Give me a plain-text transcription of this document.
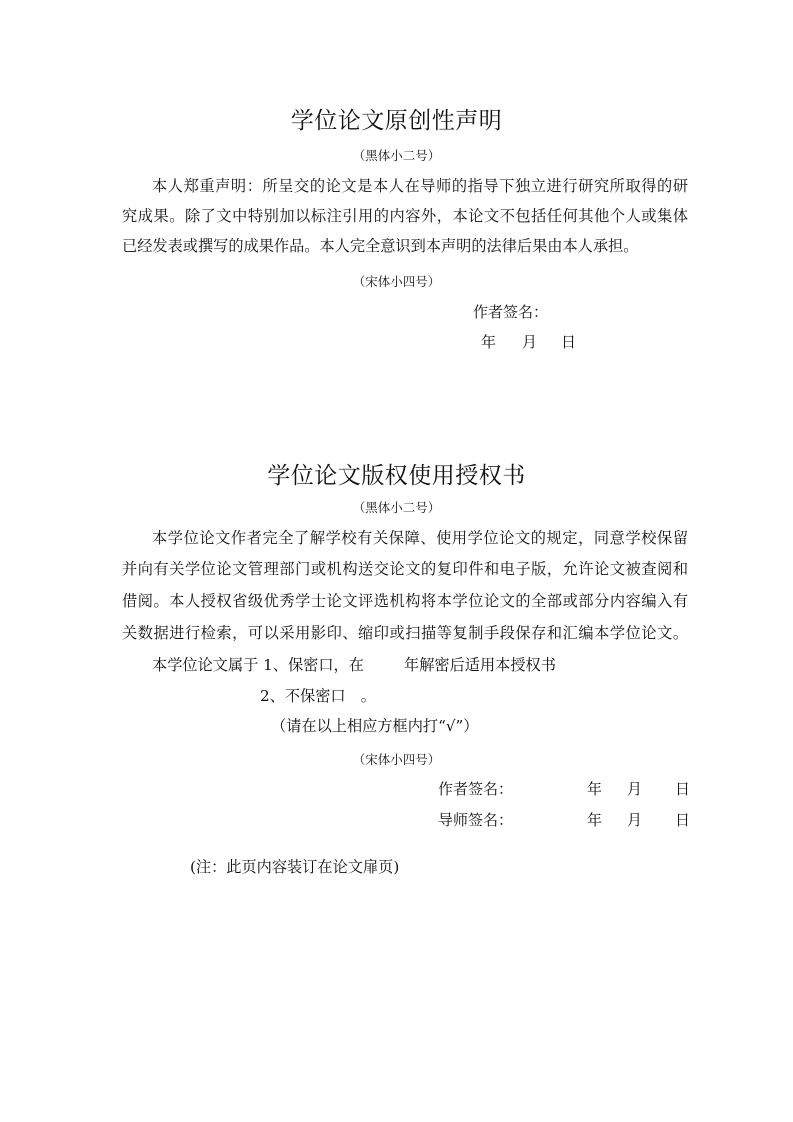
学位论文原创性声明
（黑体小二号）
本人郑重声明：所呈交的论文是本人在导师的指导下独立进行研究所取得的研
究成果。除了文中特别加以标注引用的内容外，本论文不包括任何其他个人或集体
已经发表或撰写的成果作品。本人完全意识到本声明的法律后果由本人承担。
（宋体小四号）
作者签名：
年 月 日
学位论文版权使用授权书
（黑体小二号）
本学位论文作者完全了解学校有关保障、使用学位论文的规定，同意学校保留
并向有关学位论文管理部门或机构送交论文的复印件和电子版，允许论文被查阅和
借阅。本人授权省级优秀学士论文评选机构将本学位论文的全部或部分内容编入有
关数据进行检索，可以采用影印、缩印或扫描等复制手段保存和汇编本学位论文。
本学位论文属于 1、保密口，在	年解密后适用本授权书
2、不保密口　。
（请在以上相应方框内打“√”）
（宋体小四号）
作者签名：	年 月 日
导师签名：	年 月 日
(注：此页内容装订在论文扉页)
